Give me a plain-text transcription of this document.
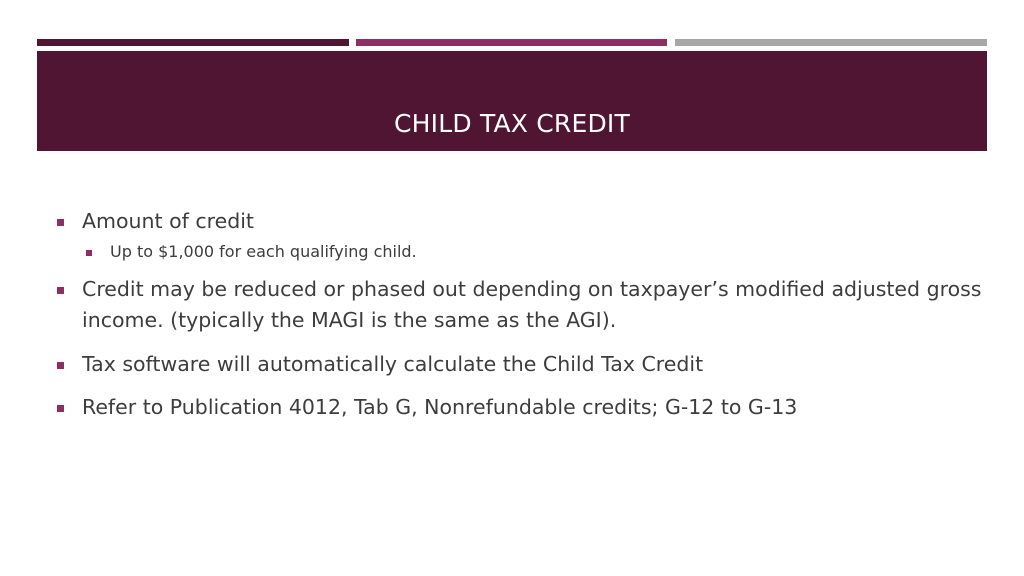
CHILD TAX CREDIT
Amount of credit
Up to $1,000 for each qualifying child.
Credit may be reduced or phased out depending on taxpayer’s modified adjusted gross income. (typically the MAGI is the same as the AGI).
Tax software will automatically calculate the Child Tax Credit
Refer to Publication 4012, Tab G, Nonrefundable credits; G-12 to G-13
